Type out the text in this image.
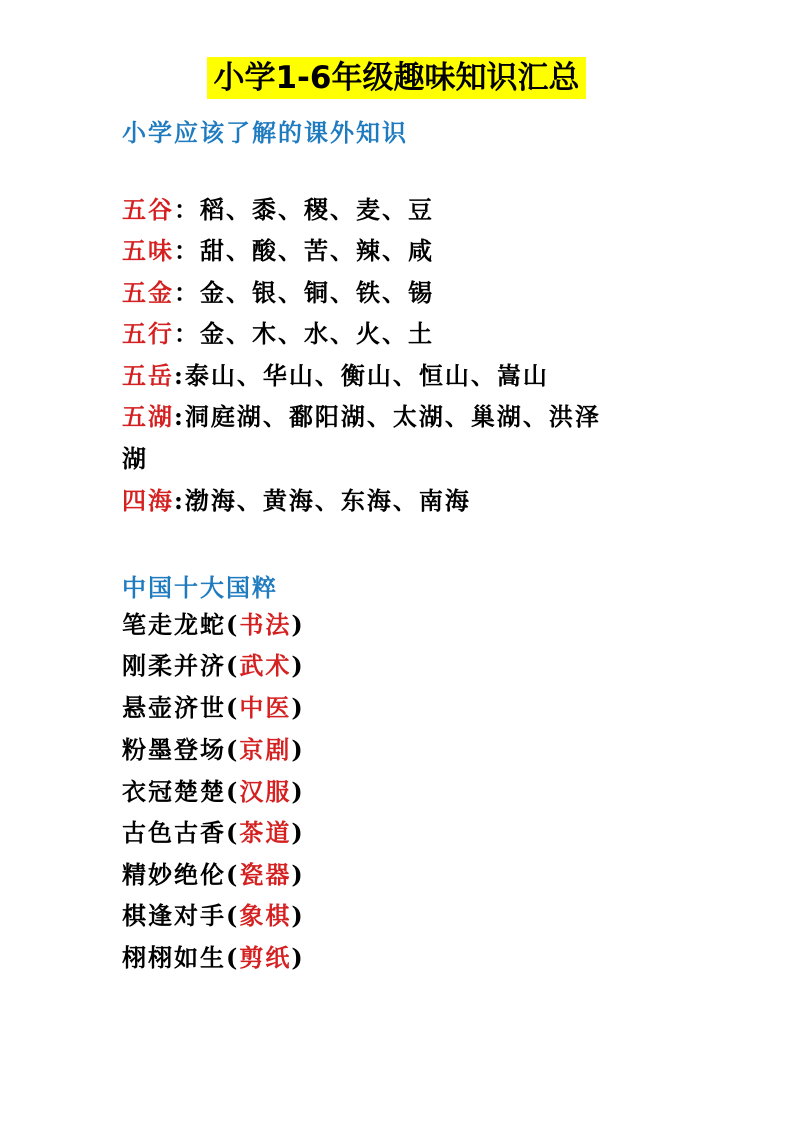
小学1-6年级趣味知识汇总
小学应该了解的课外知识
五谷：稻、黍、稷、麦、豆
五味：甜、酸、苦、辣、咸
五金：金、银、铜、铁、锡
五行：金、木、水、火、土
五岳:泰山、华山、衡山、恒山、嵩山
五湖:洞庭湖、鄱阳湖、太湖、巢湖、洪泽
湖
四海:渤海、黄海、东海、南海
中国十大国粹
笔走龙蛇(书法)
刚柔并济(武术)
悬壶济世(中医)
粉墨登场(京剧)
衣冠楚楚(汉服)
古色古香(茶道)
精妙绝伦(瓷器)
棋逢对手(象棋)
栩栩如生(剪纸)
